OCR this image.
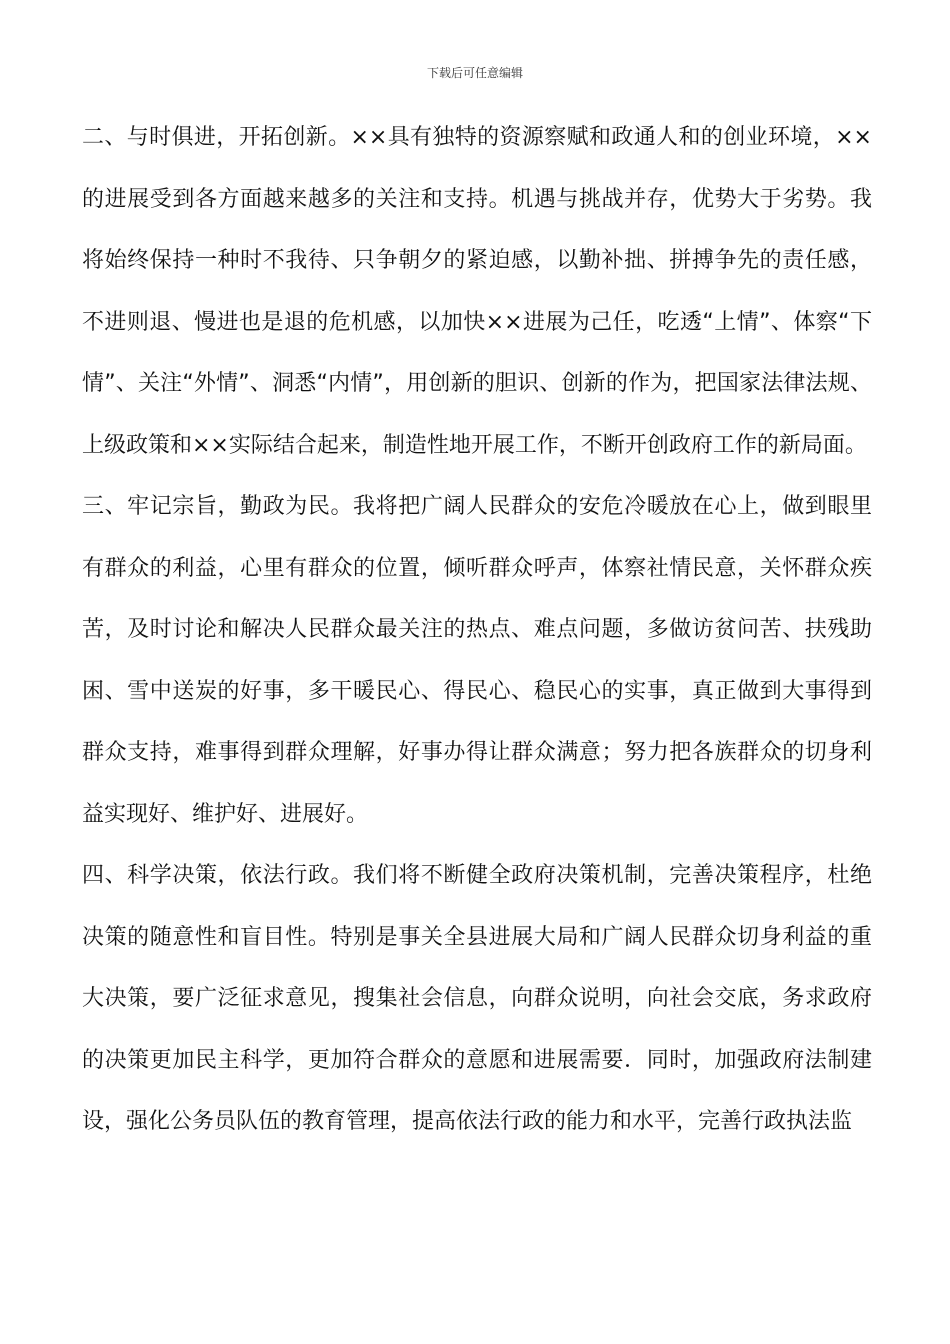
下载后可任意编辑

二、与时俱进，开拓创新。××具有独特的资源察赋和政通人和的创业环境，××的进展受到各方面越来越多的关注和支持。机遇与挑战并存，优势大于劣势。我将始终保持一种时不我待、只争朝夕的紧迫感，以勤补拙、拼搏争先的责任感，不进则退、慢进也是退的危机感，以加快××进展为己任，吃透“上情”、体察“下情”、关注“外情”、洞悉“内情”，用创新的胆识、创新的作为，把国家法律法规、上级政策和××实际结合起来，制造性地开展工作，不断开创政府工作的新局面。

三、牢记宗旨，勤政为民。我将把广阔人民群众的安危冷暖放在心上，做到眼里有群众的利益，心里有群众的位置，倾听群众呼声，体察社情民意，关怀群众疾苦，及时讨论和解决人民群众最关注的热点、难点问题，多做访贫问苦、扶残助困、雪中送炭的好事，多干暖民心、得民心、稳民心的实事，真正做到大事得到群众支持，难事得到群众理解，好事办得让群众满意；努力把各族群众的切身利益实现好、维护好、进展好。

四、科学决策，依法行政。我们将不断健全政府决策机制，完善决策程序，杜绝决策的随意性和盲目性。特别是事关全县进展大局和广阔人民群众切身利益的重大决策，要广泛征求意见，搜集社会信息，向群众说明，向社会交底，务求政府的决策更加民主科学，更加符合群众的意愿和进展需要．同时，加强政府法制建设，强化公务员队伍的教育管理，提高依法行政的能力和水平，完善行政执法监
